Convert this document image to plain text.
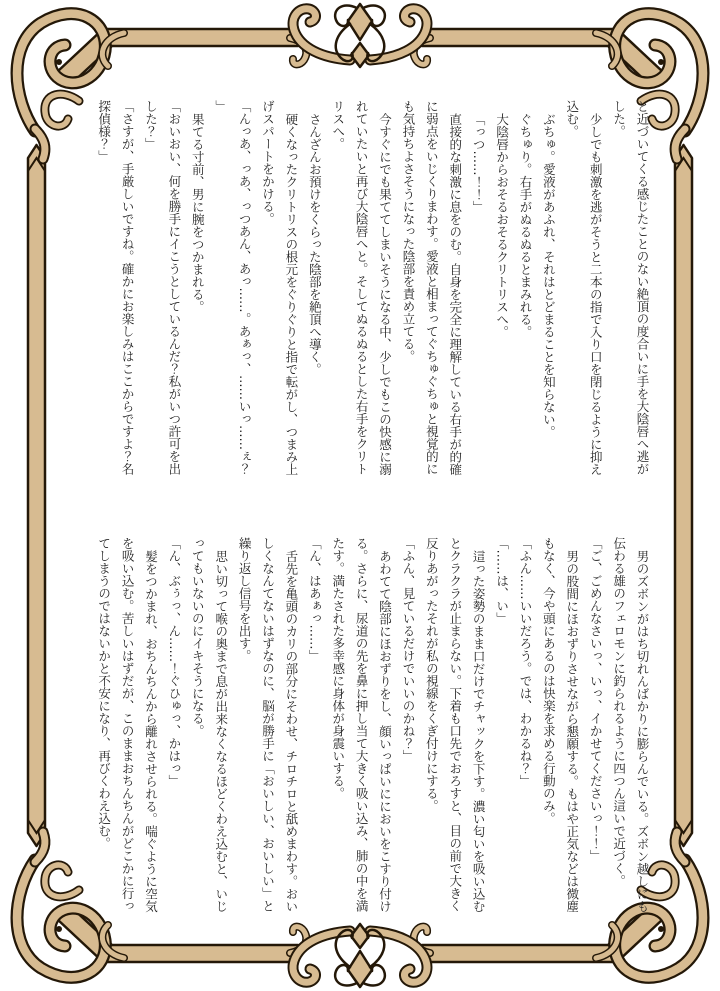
と近づいてくる感じたことのない絶頂の度合いに手を大陰唇へ逃がした。

少しでも刺激を逃がそうと二本の指で入り口を閉じるように抑え込む。

ぶちゅ。愛液があふれ、それはとどまることを知らない。

ぐちゅり。右手がぬるぬるとまみれる。

大陰唇からおそるおそるクリトリスへ。

「っつ……！！」

直接的な刺激に息をのむ。自身を完全に理解している右手が的確に弱点をいじくりまわす。愛液と相まってぐちゅぐちゅと視覚的にも気持ちよさそうになった陰部を責め立てる。

今すぐにでも果ててしまいそうになる中、少しでもこの快感に溺れていたいと再び大陰唇へと。そしてぬるぬるとした右手をクリトリスへ。

さんざんお預けをくらった陰部を絶頂へ導く。

硬くなったクリトリスの根元をぐりぐりと指で転がし、つまみ上げスパートをかける。

「んっあ、っあ、っつあん、あっ……。あぁっ、……いっ……ぇ？」

果てる寸前、男に腕をつかまれる。

「おいおい、何を勝手にイこうとしているんだ？私がいつ許可を出した？」

「さすが、手厳しいですね。確かにお楽しみはここからですよ？名探偵様？」

男のズボンがはち切れんばかりに膨らんでいる。ズボン越しにも伝わる雄のフェロモンに釣られるように四つん這いで近づく。

「ご、ごめんなさいっ、いっ、イかせてくださいっ！！」

男の股間にほおずりさせながら懇願する。もはや正気などは微塵もなく、今や頭にあるのは快楽を求める行動のみ。

「ふん……いいだろう。では、わかるね？」

「……は、い」

這った姿勢のまま口だけでチャックを下す。濃い匂いを吸い込むとクラクラが止まらない。下着も口先でおろすと、目の前で大きく反りあがったそれが私の視線をくぎ付けにする。

「ふん、見ているだけでいいのかね？」

あわてて陰部にほおずりをし、顔いっぱいににおいをこすり付ける。さらに、尿道の先を鼻に押し当て大きく吸い込み、肺の中を満たす。満たされた多幸感に身体が身震いする。

「ん、はあぁっ……」

舌先を亀頭のカリの部分にそわせ、チロチロと舐めまわす。おいしくなんてないはずなのに、脳が勝手に「おいしい、おいしい」と繰り返し信号を出す。

思い切って喉の奥まで息が出来なくなるほどくわえ込むと、いじってもいないのにイキそうになる。

「ん、ぶぅっ、ん……！ぐひゅっ、かはっ」

髪をつかまれ、おちんちんから離れさせられる。喘ぐように空気を吸い込む。苦しいはずだが、このままおちんちんがどこかに行ってしまうのではないかと不安になり、再びくわえ込む。
